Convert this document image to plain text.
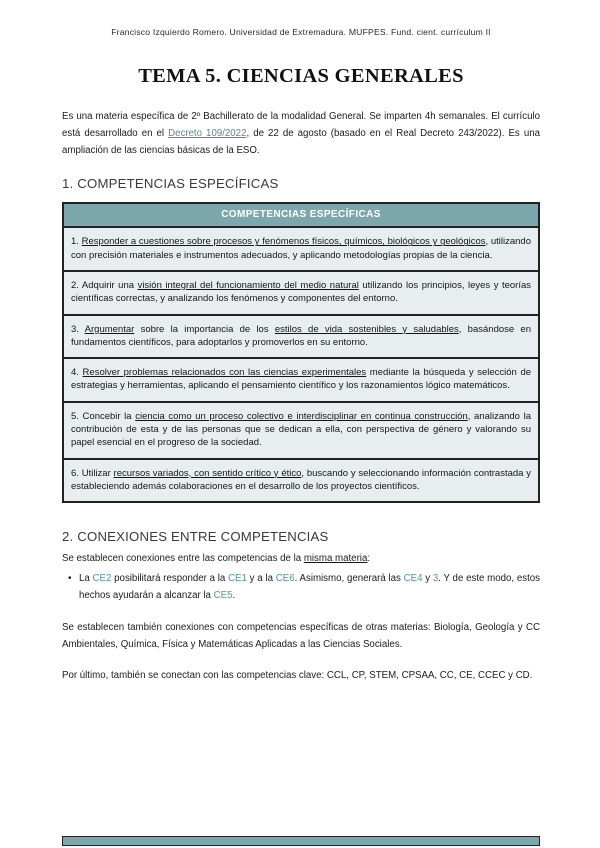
Francisco Izquierdo Romero. Universidad de Extremadura. MUFPES. Fund. cient. currículum II
TEMA 5. CIENCIAS GENERALES

Es una materia específica de 2º Bachillerato de la modalidad General. Se imparten 4h semanales. El currículo está desarrollado en el Decreto 109/2022, de 22 de agosto (basado en el Real Decreto 243/2022). Es una ampliación de las ciencias básicas de la ESO.

1. COMPETENCIAS ESPECÍFICAS
COMPETENCIAS ESPECÍFICAS
1. Responder a cuestiones sobre procesos y fenómenos físicos, químicos, biológicos y geológicos, utilizando con precisión materiales e instrumentos adecuados, y aplicando metodologías propias de la ciencia.
2. Adquirir una visión integral del funcionamiento del medio natural utilizando los principios, leyes y teorías científicas correctas, y analizando los fenómenos y componentes del entorno.
3. Argumentar sobre la importancia de los estilos de vida sostenibles y saludables, basándose en fundamentos científicos, para adoptarlos y promoverlos en su entorno.
4. Resolver problemas relacionados con las ciencias experimentales mediante la búsqueda y selección de estrategias y herramientas, aplicando el pensamiento científico y los razonamientos lógico matemáticos.
5. Concebir la ciencia como un proceso colectivo e interdisciplinar en continua construcción, analizando la contribución de esta y de las personas que se dedican a ella, con perspectiva de género y valorando su papel esencial en el progreso de la sociedad.
6. Utilizar recursos variados, con sentido crítico y ético, buscando y seleccionando información contrastada y estableciendo además colaboraciones en el desarrollo de los proyectos científicos.
2. CONEXIONES ENTRE COMPETENCIAS

Se establecen conexiones entre las competencias de la misma materia:

• La CE2 posibilitará responder a la CE1 y a la CE6. Asimismo, generará las CE4 y 3. Y de este modo, estos hechos ayudarán a alcanzar la CE5.

Se establecen también conexiones con competencias específicas de otras materias: Biología, Geología y CC Ambientales, Química, Física y Matemáticas Aplicadas a las Ciencias Sociales.

Por último, también se conectan con las competencias clave: CCL, CP, STEM, CPSAA, CC, CE, CCEC y CD.
